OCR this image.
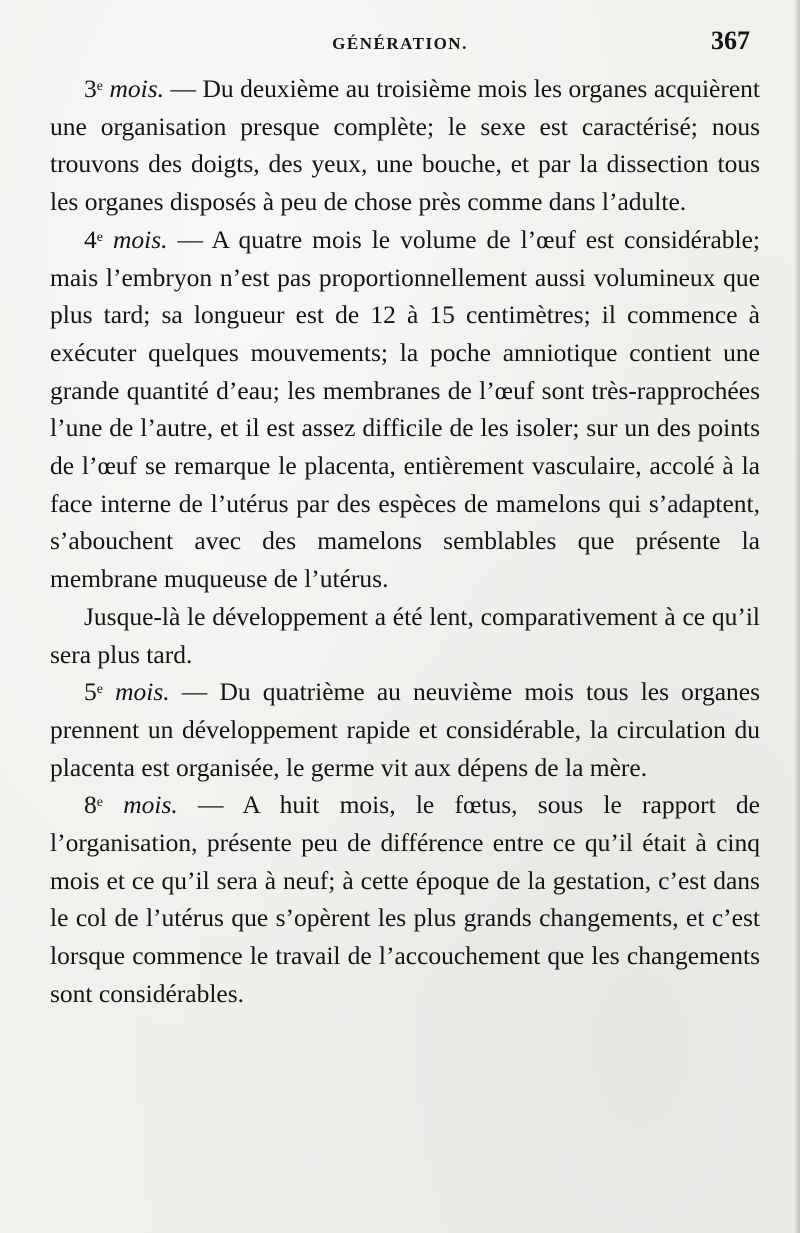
GÉNÉRATION.	367

3e mois. — Du deuxième au troisième mois les organes acquièrent une organisation presque complète; le sexe est caractérisé; nous trouvons des doigts, des yeux, une bouche, et par la dissection tous les organes disposés à peu de chose près comme dans l’adulte.

4e mois. — A quatre mois le volume de l’œuf est considérable; mais l’embryon n’est pas proportionnellement aussi volumineux que plus tard; sa longueur est de 12 à 15 centimètres; il commence à exécuter quelques mouvements; la poche amniotique contient une grande quantité d’eau; les membranes de l’œuf sont très-rapprochées l’une de l’autre, et il est assez difficile de les isoler; sur un des points de l’œuf se remarque le placenta, entièrement vasculaire, accolé à la face interne de l’utérus par des espèces de mamelons qui s’adaptent, s’abouchent avec des mamelons semblables que présente la membrane muqueuse de l’utérus.

Jusque-là le développement a été lent, comparativement à ce qu’il sera plus tard.

5e mois. — Du quatrième au neuvième mois tous les organes prennent un développement rapide et considérable, la circulation du placenta est organisée, le germe vit aux dépens de la mère.

8e mois. — A huit mois, le fœtus, sous le rapport de l’organisation, présente peu de différence entre ce qu’il était à cinq mois et ce qu’il sera à neuf; à cette époque de la gestation, c’est dans le col de l’utérus que s’opèrent les plus grands changements, et c’est lorsque commence le travail de l’accouchement que les changements sont considérables.
